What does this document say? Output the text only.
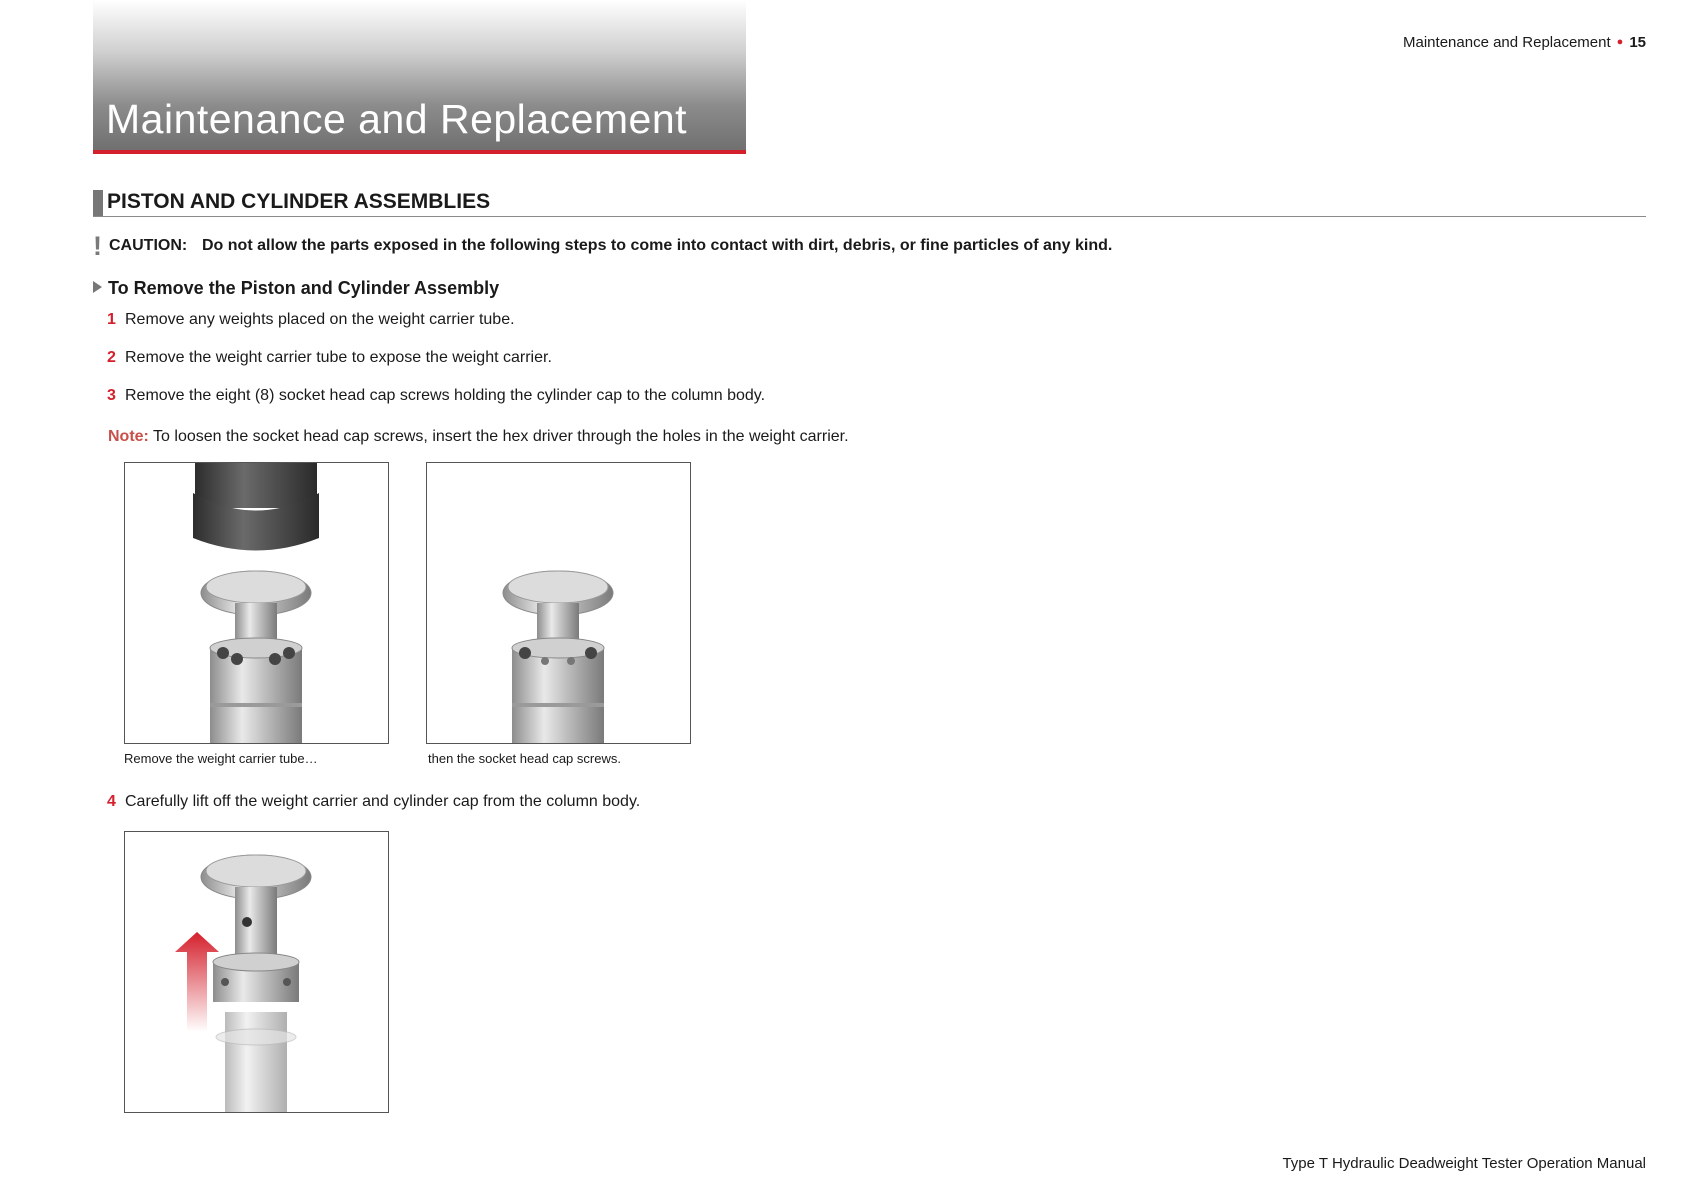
Maintenance and Replacement
Maintenance and Replacement ● 15
PISTON AND CYLINDER ASSEMBLIES
! CAUTION: Do not allow the parts exposed in the following steps to come into contact with dirt, debris, or fine particles of any kind.
To Remove the Piston and Cylinder Assembly
1 Remove any weights placed on the weight carrier tube.
2 Remove the weight carrier tube to expose the weight carrier.
3 Remove the eight (8) socket head cap screws holding the cylinder cap to the column body.
Note: To loosen the socket head cap screws, insert the hex driver through the holes in the weight carrier.
Remove the weight carrier tube…	then the socket head cap screws.
4 Carefully lift off the weight carrier and cylinder cap from the column body.
Type T Hydraulic Deadweight Tester Operation Manual
